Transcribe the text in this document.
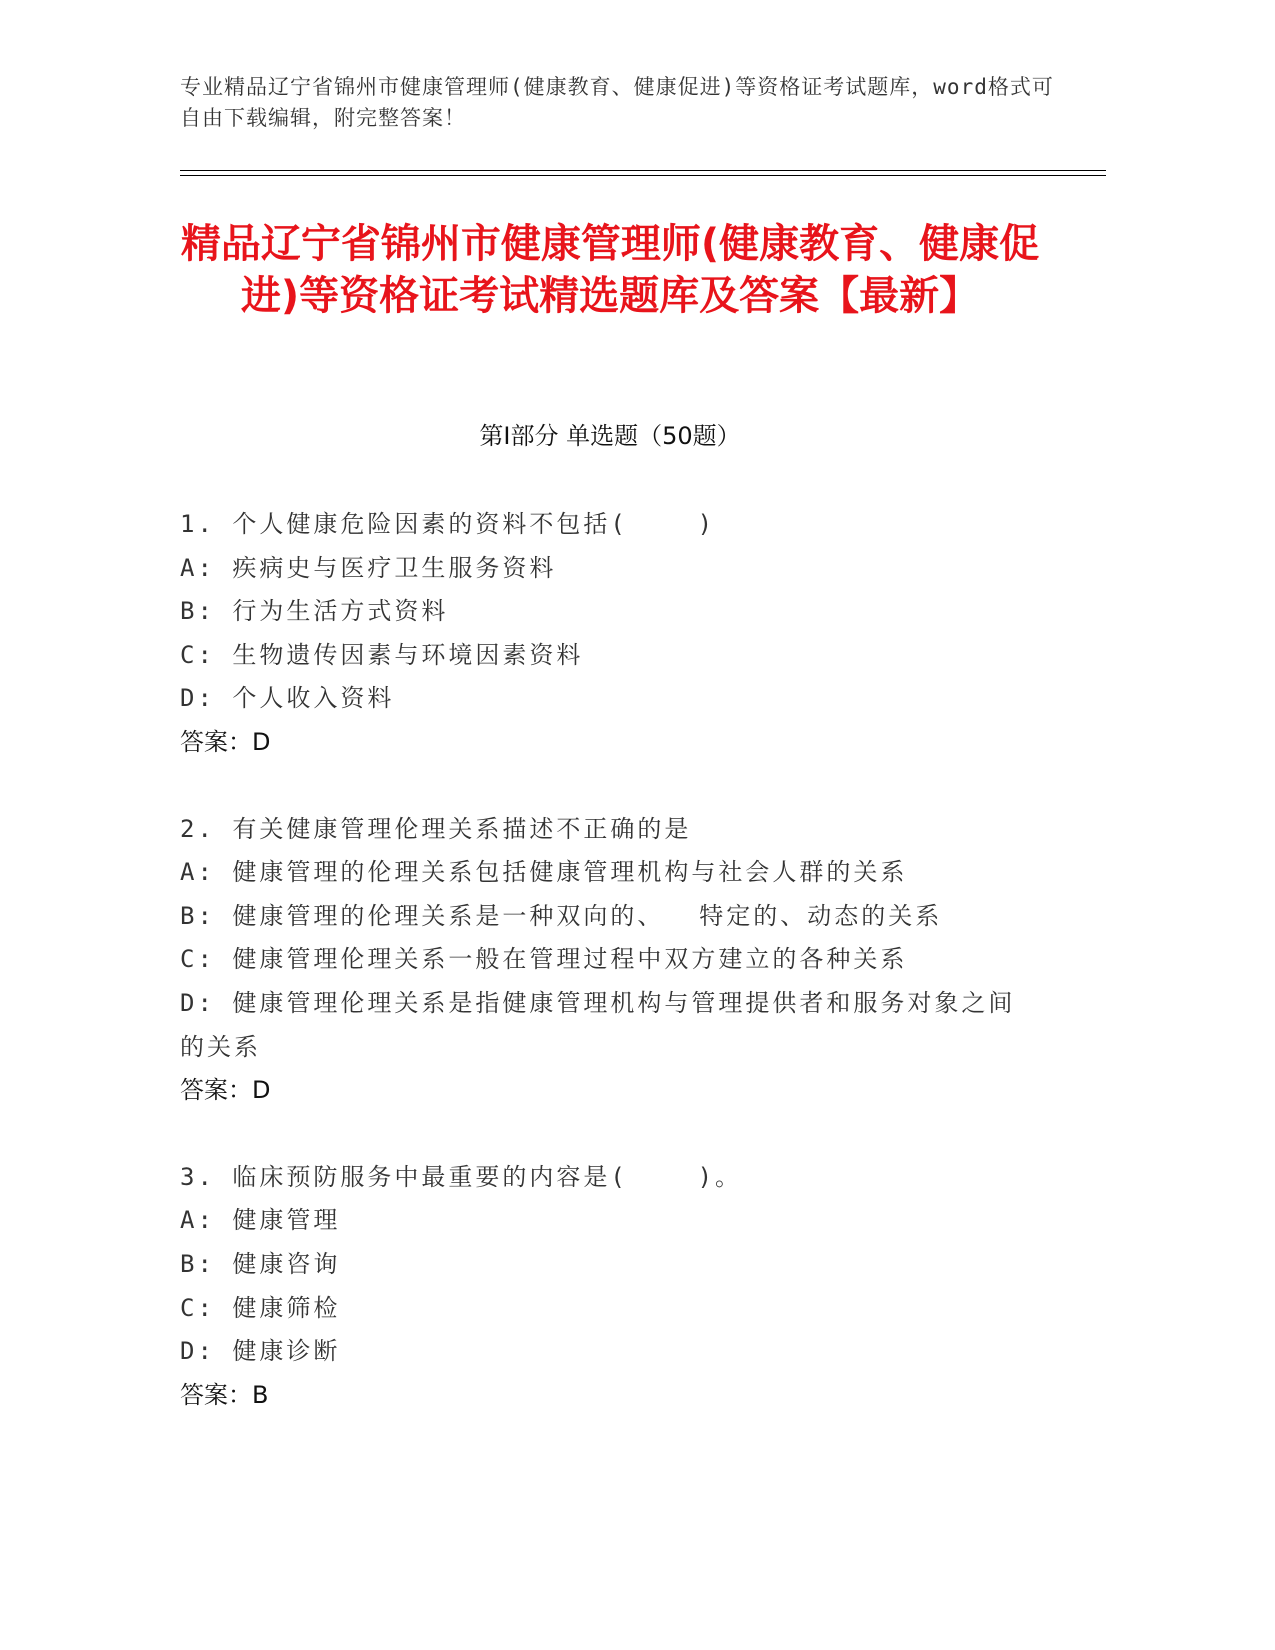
专业精品辽宁省锦州市健康管理师(健康教育、健康促进)等资格证考试题库，word格式可自由下载编辑，附完整答案！
精品辽宁省锦州市健康管理师(健康教育、健康促进)等资格证考试精选题库及答案【最新】
第Ⅰ部分 单选题（50题）
1. 个人健康危险因素的资料不包括(    )
A: 疾病史与医疗卫生服务资料
B: 行为生活方式资料
C: 生物遗传因素与环境因素资料
D: 个人收入资料
答案：D
2. 有关健康管理伦理关系描述不正确的是
A: 健康管理的伦理关系包括健康管理机构与社会人群的关系
B: 健康管理的伦理关系是一种双向的、  特定的、动态的关系
C: 健康管理伦理关系一般在管理过程中双方建立的各种关系
D: 健康管理伦理关系是指健康管理机构与管理提供者和服务对象之间的关系
答案：D
3. 临床预防服务中最重要的内容是(    )。
A: 健康管理
B: 健康咨询
C: 健康筛检
D: 健康诊断
答案：B
